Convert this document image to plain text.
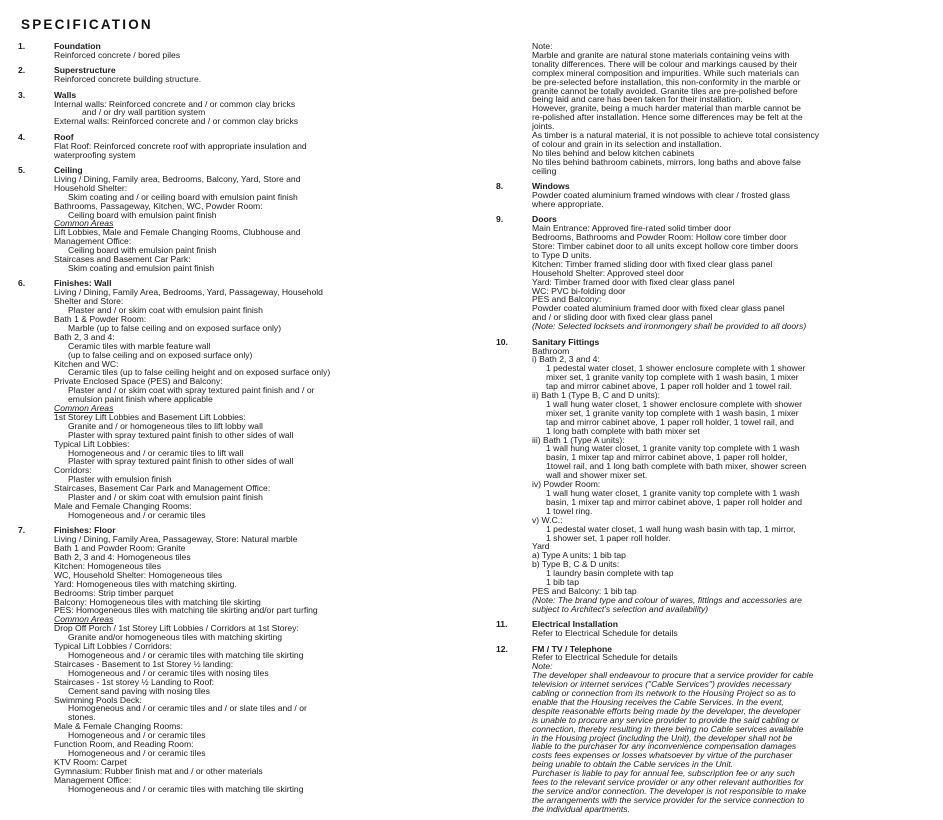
SPECIFICATION
1.	Foundation
Reinforced concrete / bored piles
2.	Superstructure
Reinforced concrete building structure.
3.	Walls
Internal walls: Reinforced concrete and / or common clay bricks
and / or dry wall partition system
External walls: Reinforced concrete and / or common clay bricks
4.	Roof
Flat Roof: Reinforced concrete roof with appropriate insulation and
waterproofing system
5.	Ceiling
Living / Dining, Family area, Bedrooms, Balcony, Yard, Store and
Household Shelter:
Skim coating and / or ceiling board with emulsion paint finish
Bathrooms, Passageway, Kitchen, WC, Powder Room:
Ceiling board with emulsion paint finish
Common Areas
Lift Lobbies, Male and Female Changing Rooms, Clubhouse and
Management Office:
Ceiling board with emulsion paint finish
Staircases and Basement Car Park:
Skim coating and emulsion paint finish
6.	Finishes: Wall
Living / Dining, Family Area, Bedrooms, Yard, Passageway, Household
Shelter and Store:
Plaster and / or skim coat with emulsion paint finish
Bath 1 & Powder Room:
Marble (up to false ceiling and on exposed surface only)
Bath 2, 3 and 4:
Ceramic tiles with marble feature wall
(up to false ceiling and on exposed surface only)
Kitchen and WC:
Ceramic tiles (up to false ceiling height and on exposed surface only)
Private Enclosed Space (PES) and Balcony:
Plaster and / or skim coat with spray textured paint finish and / or
emulsion paint finish where applicable
Common Areas
1st Storey Lift Lobbies and Basement Lift Lobbies:
Granite and / or homogeneous tiles to lift lobby wall
Plaster with spray textured paint finish to other sides of wall
Typical Lift Lobbies:
Homogeneous and / or ceramic tiles to lift wall
Plaster with spray textured paint finish to other sides of wall
Corridors:
Plaster with emulsion finish
Staircases, Basement Car Park and Management Office:
Plaster and / or skim coat with emulsion paint finish
Male and Female Changing Rooms:
Homogeneous and / or ceramic tiles
7.	Finishes: Floor
Living / Dining, Family Area, Passageway, Store: Natural marble
Bath 1 and Powder Room: Granite
Bath 2, 3 and 4: Homogeneous tiles
Kitchen: Homogeneous tiles
WC, Household Shelter: Homogeneous tiles
Yard: Homogeneous tiles with matching skirting.
Bedrooms: Strip timber parquet
Balcony: Homogeneous tiles with matching tile skirting
PES: Homogeneous tiles with matching tile skirting and/or part turfing
Common Areas
Drop Off Porch / 1st Storey Lift Lobbies / Corridors at 1st Storey:
Granite and/or homogeneous tiles with matching skirting
Typical Lift Lobbies / Corridors:
Homogeneous and / or ceramic tiles with matching tile skirting
Staircases - Basement to 1st Storey ½ landing:
Homogeneous and / or ceramic tiles with nosing tiles
Staircases - 1st storey ½ Landing to Roof:
Cement sand paving with nosing tiles
Swimming Pools Deck:
Homogeneous and / or ceramic tiles and / or slate tiles and / or
stones.
Male & Female Changing Rooms:
Homogeneous and / or ceramic tiles
Function Room, and Reading Room:
Homogeneous and / or ceramic tiles
KTV Room: Carpet
Gymnasium: Rubber finish mat and / or other materials
Management Office:
Homogeneous and / or ceramic tiles with matching tile skirting
Note:
Marble and granite are natural stone materials containing veins with
tonality differences. There will be colour and markings caused by their
complex mineral composition and impurities. While such materials can
be pre-selected before installation, this non-conformity in the marble or
granite cannot be totally avoided. Granite tiles are pre-polished before
being laid and care has been taken for their installation.
However, granite, being a much harder material than marble cannot be
re-polished after installation. Hence some differences may be felt at the
joints.
As timber is a natural material, it is not possible to achieve total consistency
of colour and grain in its selection and installation.
No tiles behind and below kitchen cabinets
No tiles behind bathroom cabinets, mirrors, long baths and above false
ceiling
8.	Windows
Powder coated aluminium framed windows with clear / frosted glass
where appropriate.
9.	Doors
Main Entrance: Approved fire-rated solid timber door
Bedrooms, Bathrooms and Powder Room: Hollow core timber door
Store: Timber cabinet door to all units except hollow core timber doors
to Type D units.
Kitchen: Timber framed sliding door with fixed clear glass panel
Household Shelter: Approved steel door
Yard: Timber framed door with fixed clear glass panel
WC: PVC bi-folding door
PES and Balcony:
Powder coated aluminium framed door with fixed clear glass panel
and / or sliding door with fixed clear glass panel
(Note: Selected locksets and ironmongery shall be provided to all doors)
10.	Sanitary Fittings
Bathroom
i) Bath 2, 3 and 4:
1 pedestal water closet, 1 shower enclosure complete with 1 shower
mixer set, 1 granite vanity top complete with 1 wash basin, 1 mixer
tap and mirror cabinet above, 1 paper roll holder and 1 towel rail.
ii) Bath 1 (Type B, C and D units):
1 wall hung water closet, 1 shower enclosure complete with shower
mixer set, 1 granite vanity top complete with 1 wash basin, 1 mixer
tap and mirror cabinet above, 1 paper roll holder, 1 towel rail, and
1 long bath complete with bath mixer set
iii) Bath 1 (Type A units):
1 wall hung water closet, 1 granite vanity top complete with 1 wash
basin, 1 mixer tap and mirror cabinet above, 1 paper roll holder,
1towel rail, and 1 long bath complete with bath mixer, shower screen
wall and shower mixer set.
iv) Powder Room:
1 wall hung water closet, 1 granite vanity top complete with 1 wash
basin, 1 mixer tap and mirror cabinet above, 1 paper roll holder and
1 towel ring.
v) W.C.:
1 pedestal water closet, 1 wall hung wash basin with tap, 1 mirror,
1 shower set, 1 paper roll holder.
Yard
a) Type A units: 1 bib tap
b) Type B, C & D units:
1 laundry basin complete with tap
1 bib tap
PES and Balcony: 1 bib tap
(Note: The brand type and colour of wares, fittings and accessories are
subject to Architect's selection and availability)
11.	Electrical Installation
Refer to Electrical Schedule for details
12.	FM / TV / Telephone
Refer to Electrical Schedule for details
Note:
The developer shall endeavour to procure that a service provider for cable
television or internet services ("Cable Services") provides necessary
cabling or connection from its network to the Housing Project so as to
enable that the Housing receives the Cable Services. In the event,
despite reasonable efforts being made by the developer, the developer
is unable to procure any service provider to provide the said cabling or
connection, thereby resulting in there being no Cable services available
in the Housing project (including the Unit), the developer shall not be
liable to the purchaser for any inconvenience compensation damages
costs fees expenses or losses whatsoever by virtue of the purchaser
being unable to obtain the Cable services in the Unit.
Purchaser is liable to pay for annual fee, subscription fee or any such
fees to the relevant service provider or any other relevant authorities for
the service and/or connection. The developer is not responsible to make
the arrangements with the service provider for the service connection to
the individual apartments.
